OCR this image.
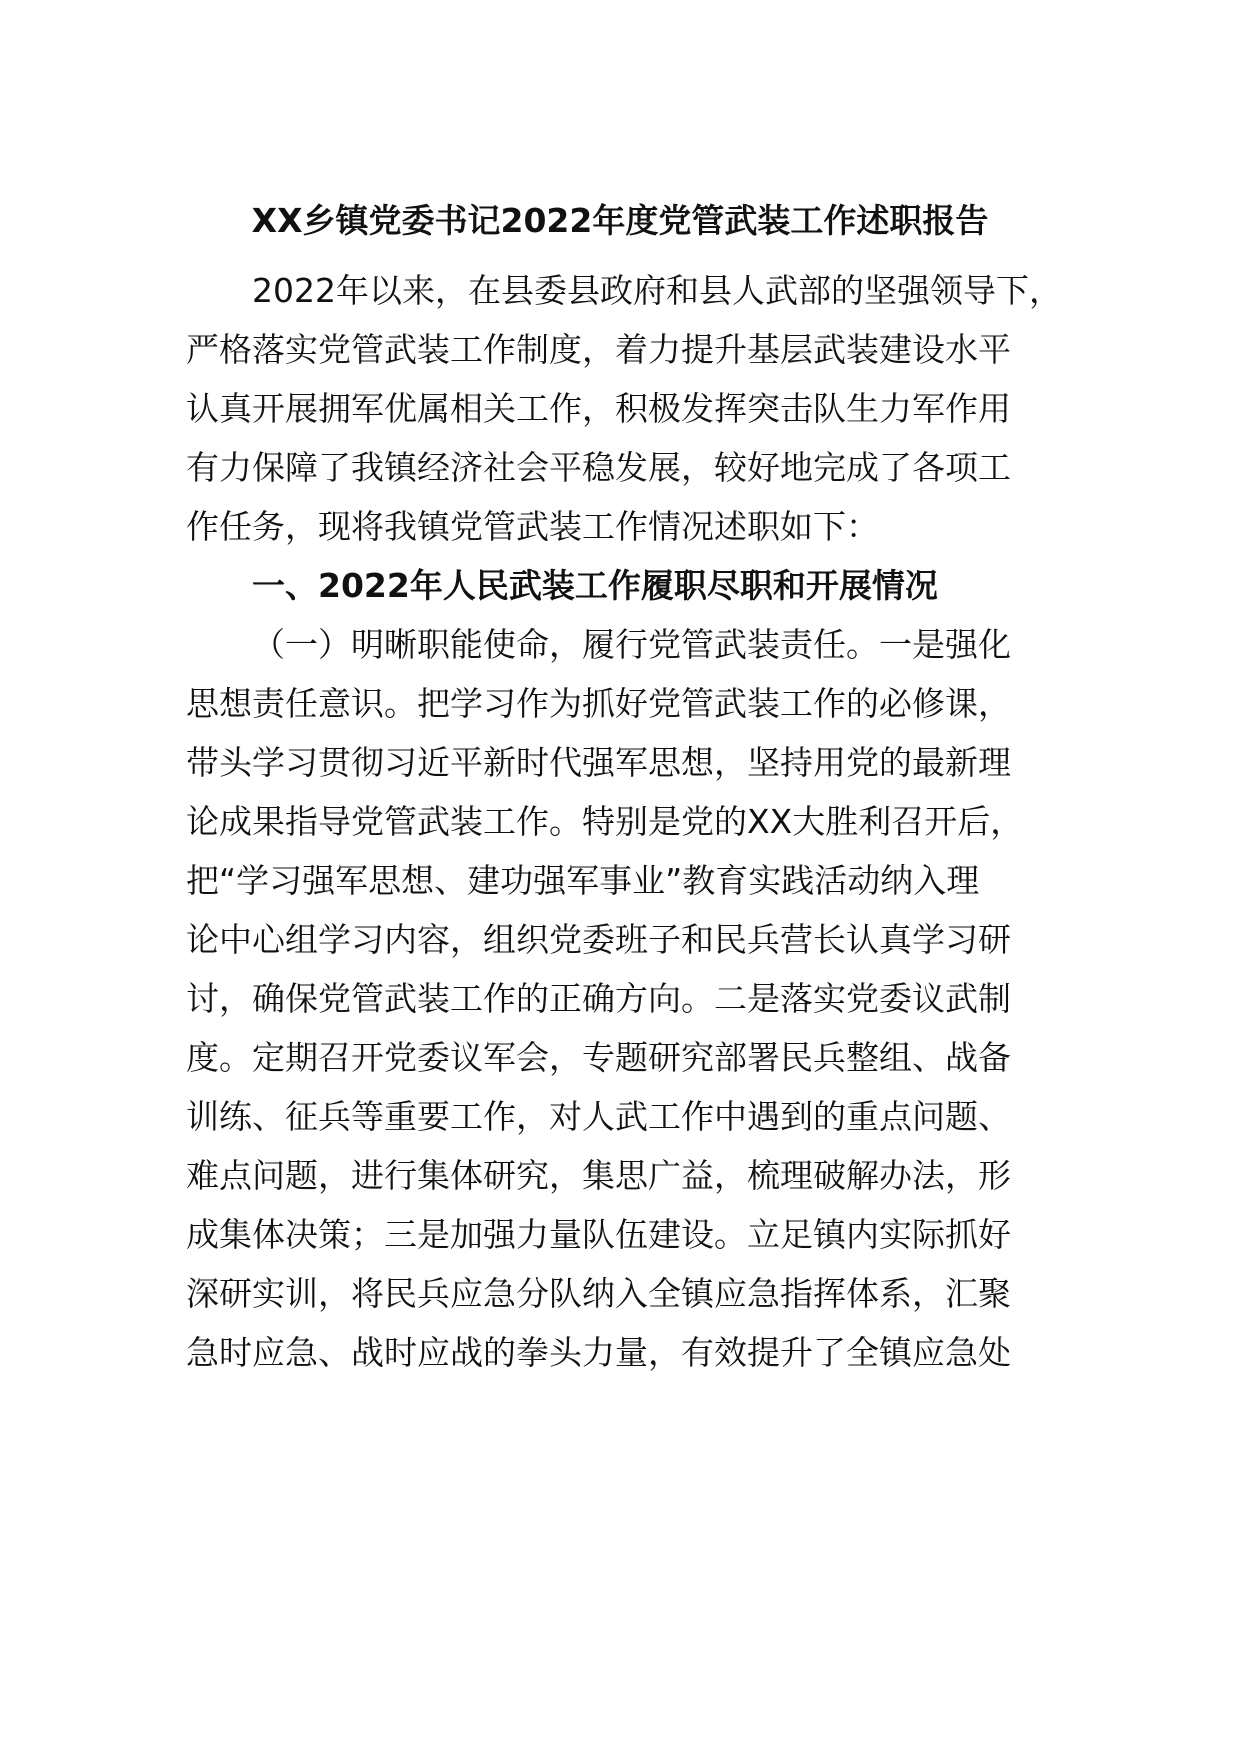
XX乡镇党委书记2022年度党管武装工作述职报告
2022年以来，在县委县政府和县人武部的坚强领导下，
严格落实党管武装工作制度，着力提升基层武装建设水平
认真开展拥军优属相关工作，积极发挥突击队生力军作用
有力保障了我镇经济社会平稳发展，较好地完成了各项工
作任务，现将我镇党管武装工作情况述职如下：
一、2022年人民武装工作履职尽职和开展情况
（一）明晰职能使命，履行党管武装责任。一是强化
思想责任意识。把学习作为抓好党管武装工作的必修课，
带头学习贯彻习近平新时代强军思想，坚持用党的最新理
论成果指导党管武装工作。特别是党的XX大胜利召开后，
把“学习强军思想、建功强军事业”教育实践活动纳入理
论中心组学习内容，组织党委班子和民兵营长认真学习研
讨，确保党管武装工作的正确方向。二是落实党委议武制
度。定期召开党委议军会，专题研究部署民兵整组、战备
训练、征兵等重要工作，对人武工作中遇到的重点问题、
难点问题，进行集体研究，集思广益，梳理破解办法，形
成集体决策；三是加强力量队伍建设。立足镇内实际抓好
深研实训，将民兵应急分队纳入全镇应急指挥体系，汇聚
急时应急、战时应战的拳头力量，有效提升了全镇应急处
